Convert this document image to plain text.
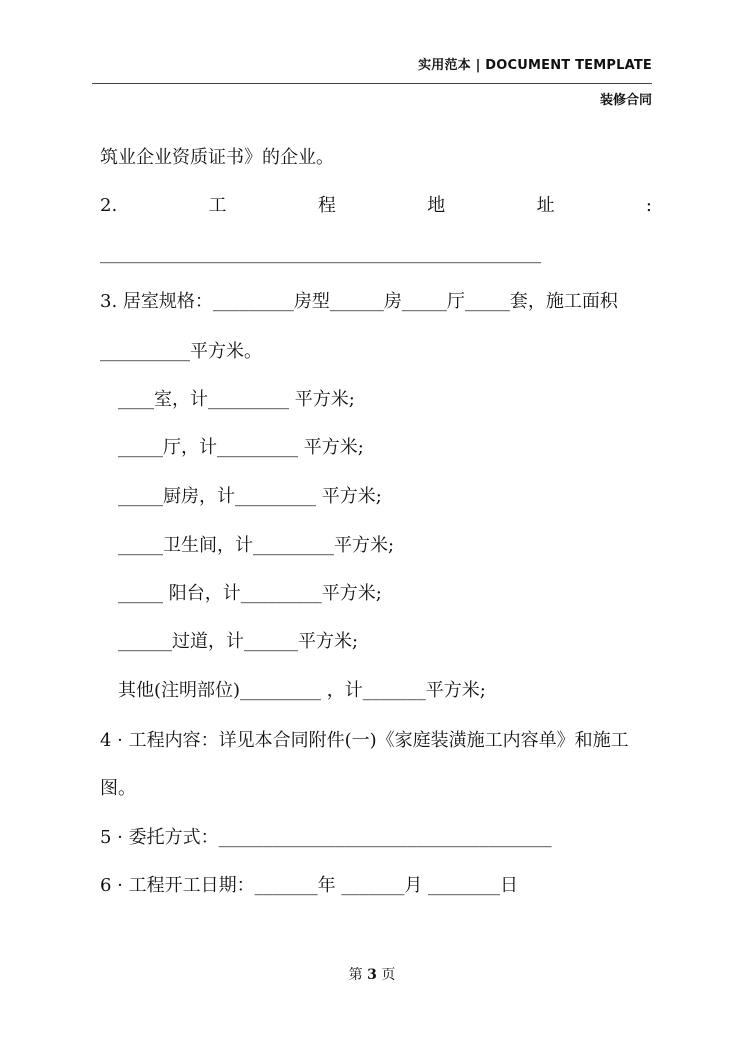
实用范本 | DOCUMENT TEMPLATE
装修合同
筑业企业资质证书》的企业。
2.	工	程	地	址	:
_________________________________________________
3. 居室规格：_________房型______房_____厅_____套，施工面积
__________平方米。
____室，计_________ 平方米;
_____厅，计_________ 平方米;
_____厨房，计_________ 平方米;
_____卫生间，计_________平方米;
_____ 阳台，计_________平方米;
______过道，计______平方米;
其他(注明部位)_________ ，计_______平方米;
4 · 工程内容：详见本合同附件(一)《家庭装潢施工内容单》和施工
图。
5 · 委托方式：_____________________________________
6 · 工程开工日期：_______年 _______月 ________日
第 3 页
